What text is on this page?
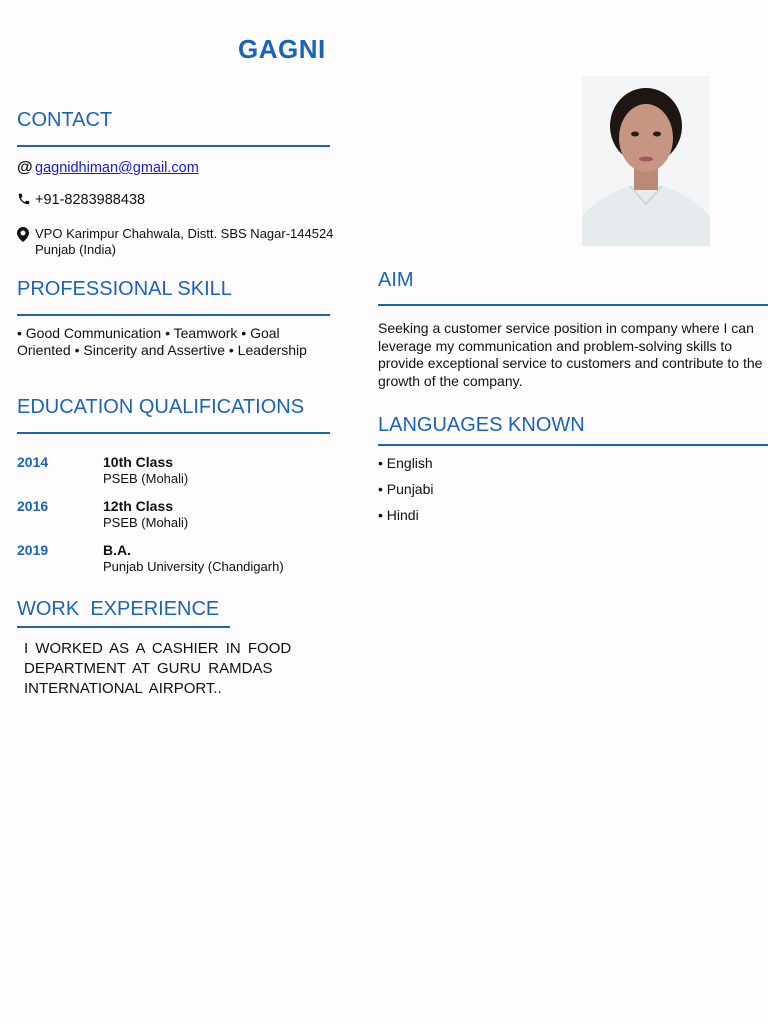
GAGNI
CONTACT
@ gagnidhiman@gmail.com
+91-8283988438
VPO Karimpur Chahwala, Distt. SBS Nagar-144524
Punjab (India)
PROFESSIONAL SKILL
• Good Communication • Teamwork • Goal Oriented • Sincerity and Assertive • Leadership
EDUCATION QUALIFICATIONS
2014	10th Class
PSEB (Mohali)
2016	12th Class
PSEB (Mohali)
2019	B.A.
Punjab University (Chandigarh)
WORK  EXPERIENCE
I WORKED AS A CASHIER IN FOOD DEPARTMENT AT GURU RAMDAS INTERNATIONAL AIRPORT..
AIM
Seeking a customer service position in company where I can leverage my communication and problem-solving skills to provide exceptional service to customers and contribute to the growth of the company.
LANGUAGES KNOWN
• English
• Punjabi
• Hindi
